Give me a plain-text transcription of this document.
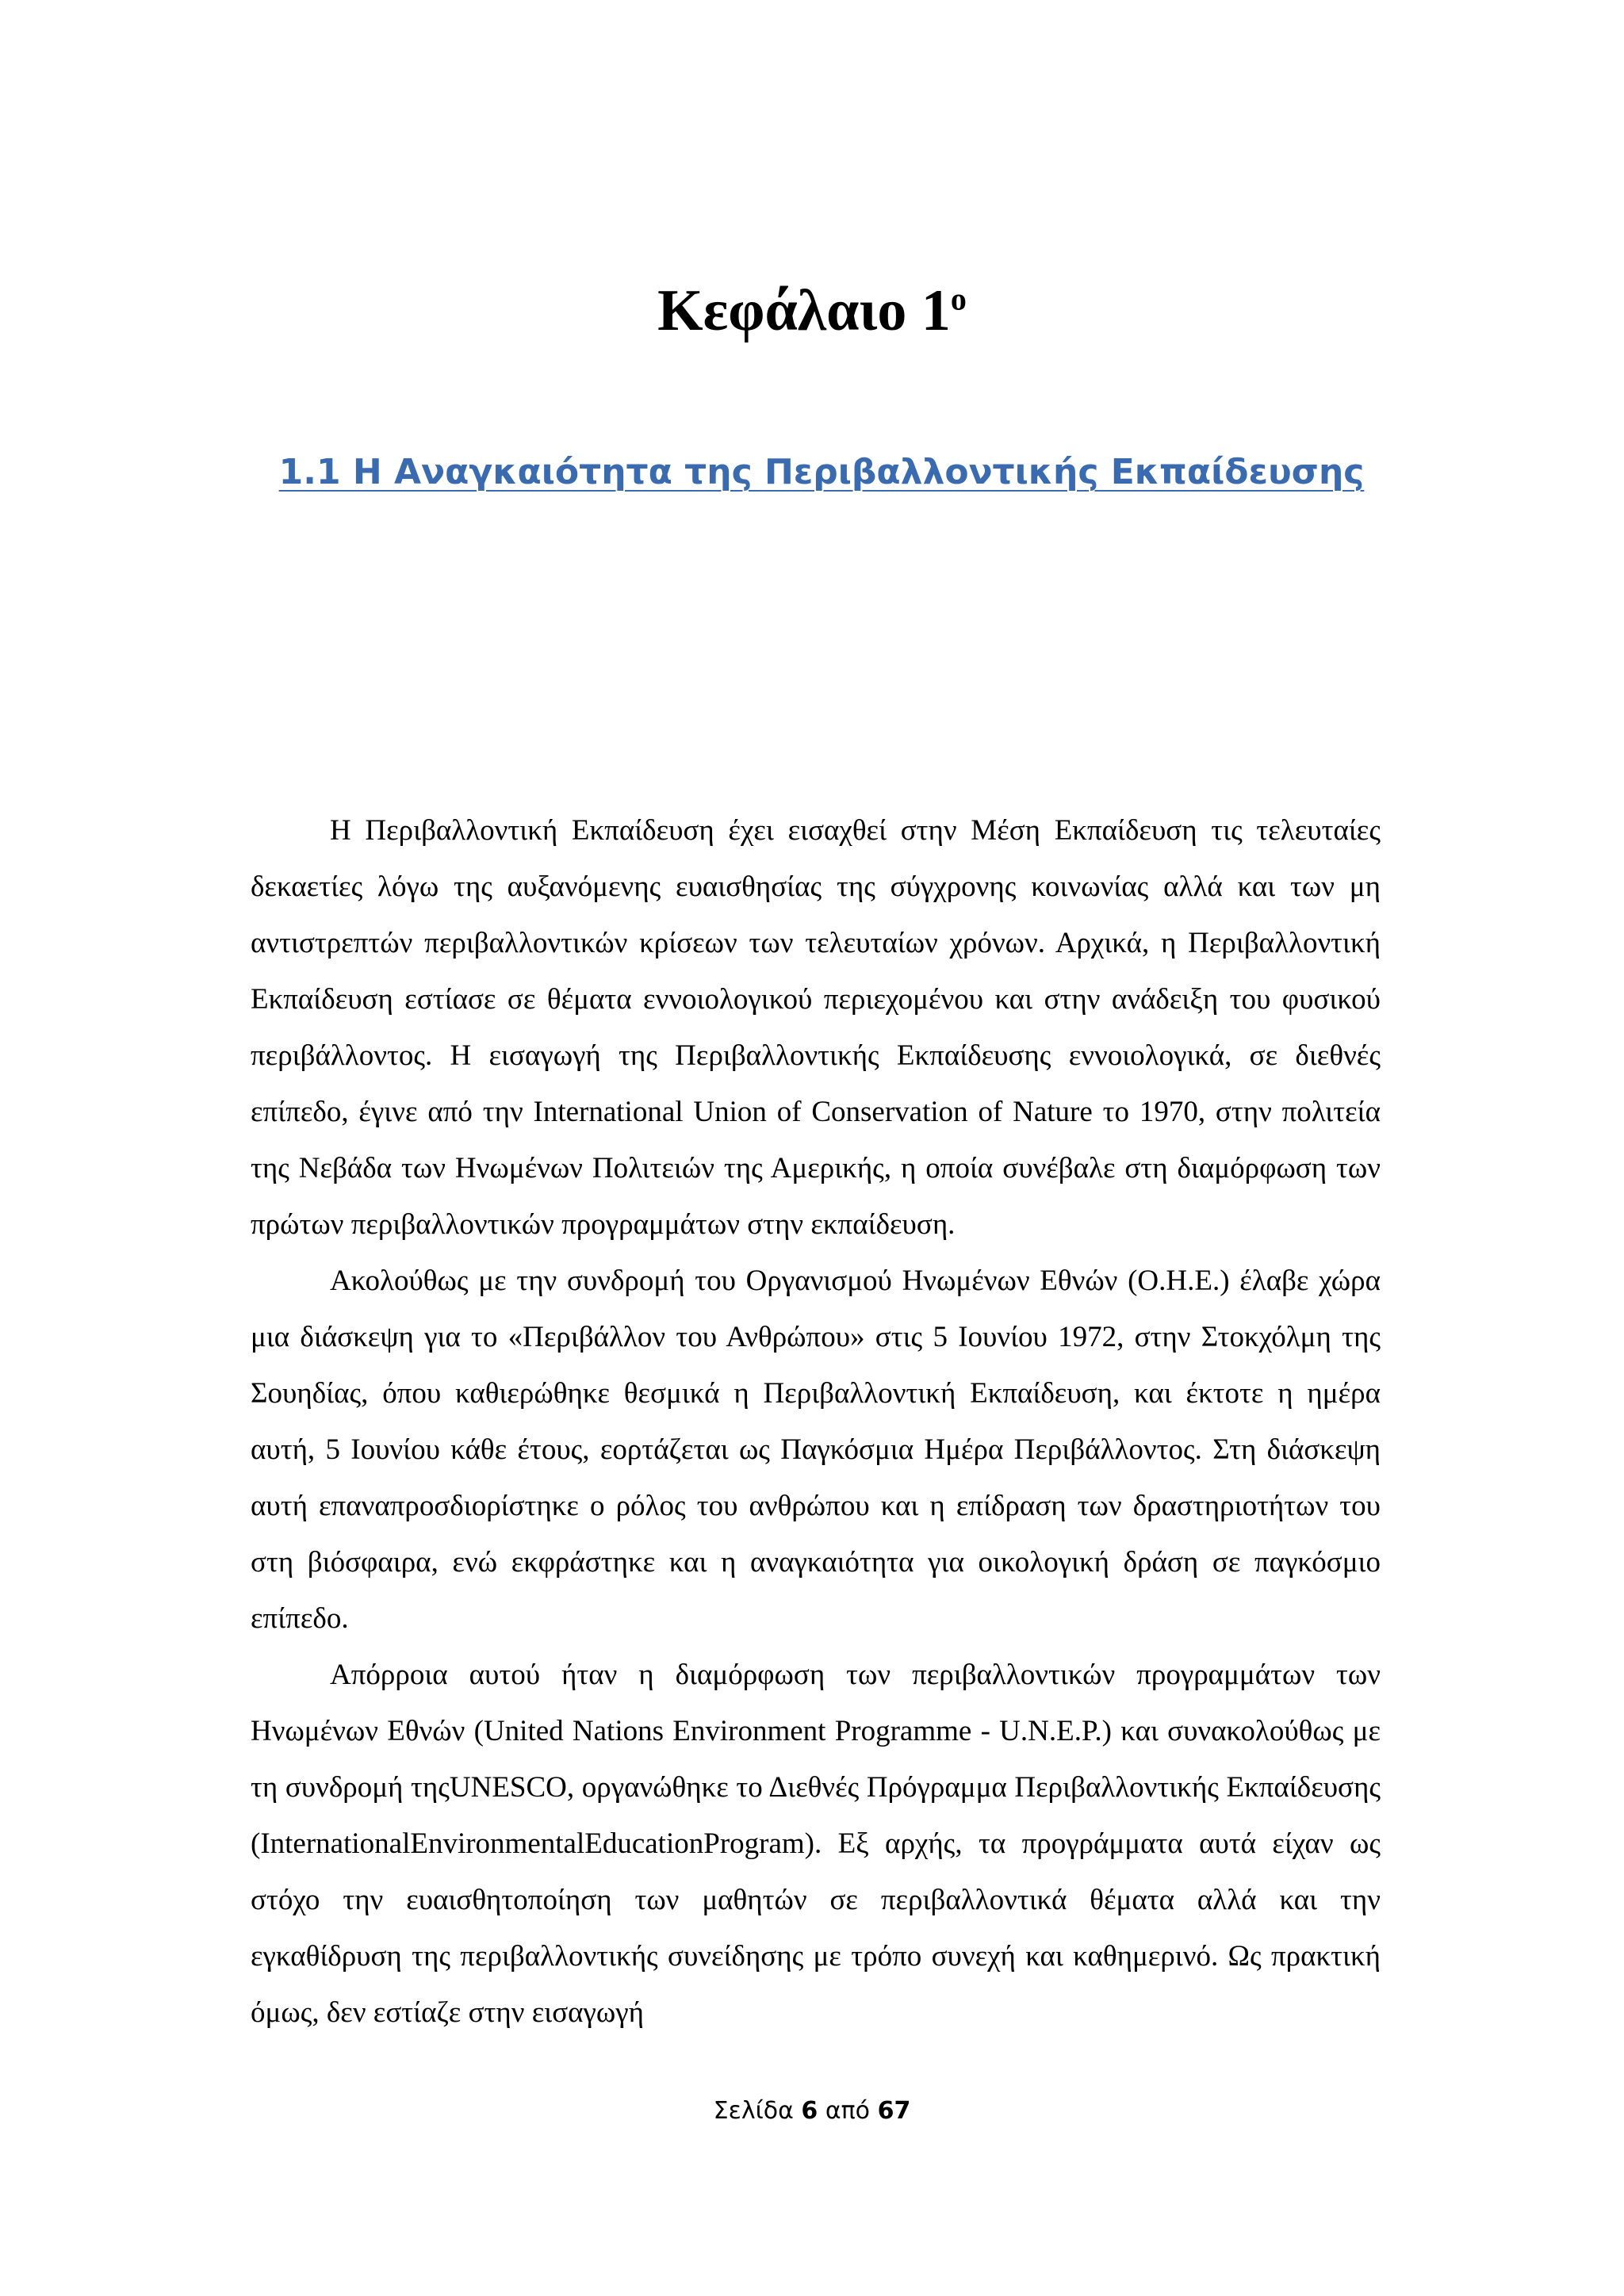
Κεφάλαιο $1^o$
1.1 Η Αναγκαιότητα της Περιβαλλοντικής Εκπαίδευσης

Η Περιβαλλοντική Εκπαίδευση έχει εισαχθεί στην Μέση Εκπαίδευση τις τελευταίες δεκαετίες λόγω της αυξανόμενης ευαισθησίας της σύγχρονης κοινωνίας αλλά και των μη αντιστρεπτών περιβαλλοντικών κρίσεων των τελευταίων χρόνων. Αρχικά, η Περιβαλλοντική Εκπαίδευση εστίασε σε θέματα εννοιολογικού περιεχομένου και στην ανάδειξη του φυσικού περιβάλλοντος. Η εισαγωγή της Περιβαλλοντικής Εκπαίδευσης εννοιολογικά, σε διεθνές επίπεδο, έγινε από την International Union of Conservation of Nature το 1970, στην πολιτεία της Νεβάδα των Ηνωμένων Πολιτειών της Αμερικής, η οποία συνέβαλε στη διαμόρφωση των πρώτων περιβαλλοντικών προγραμμάτων στην εκπαίδευση.

Ακολούθως με την συνδρομή του Οργανισμού Ηνωμένων Εθνών (Ο.Η.Ε.) έλαβε χώρα μια διάσκεψη για το «Περιβάλλον του Ανθρώπου» στις 5 Ιουνίου 1972, στην Στοκχόλμη της Σουηδίας, όπου καθιερώθηκε θεσμικά η Περιβαλλοντική Εκπαίδευση, και έκτοτε η ημέρα αυτή, 5 Ιουνίου κάθε έτους, εορτάζεται ως Παγκόσμια Ημέρα Περιβάλλοντος. Στη διάσκεψη αυτή επαναπροσδιορίστηκε ο ρόλος του ανθρώπου και η επίδραση των δραστηριοτήτων του στη βιόσφαιρα, ενώ εκφράστηκε και η αναγκαιότητα για οικολογική δράση σε παγκόσμιο επίπεδο.

Απόρροια αυτού ήταν η διαμόρφωση των περιβαλλοντικών προγραμμάτων των Ηνωμένων Εθνών (United Nations Environment Programme - U.N.E.P.) και συνακολούθως με τη συνδρομή τηςUNESCO, οργανώθηκε το Διεθνές Πρόγραμμα Περιβαλλοντικής Εκπαίδευσης (InternationalEnvironmentalEducationProgram). Εξ αρχής, τα προγράμματα αυτά είχαν ως στόχο την ευαισθητοποίηση των μαθητών σε περιβαλλοντικά θέματα αλλά και την εγκαθίδρυση της περιβαλλοντικής συνείδησης με τρόπο συνεχή και καθημερινό. Ως πρακτική όμως, δεν εστίαζε στην εισαγωγή

Σελίδα 6 από 67
